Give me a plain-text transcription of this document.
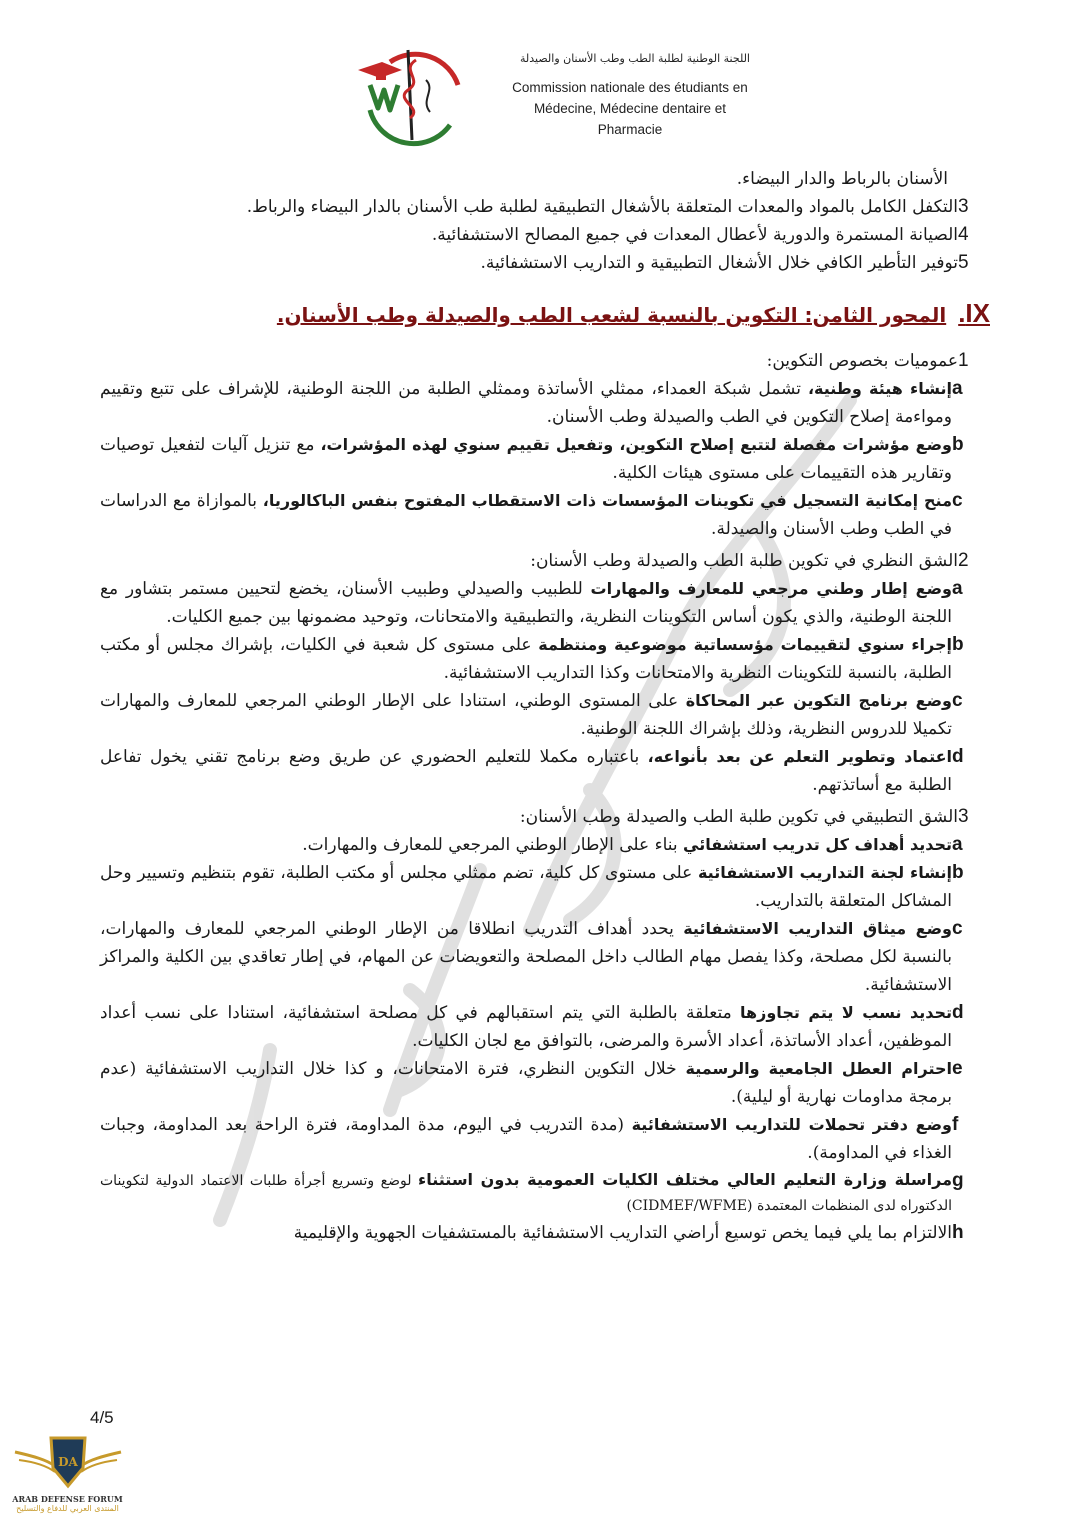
اللجنة الوطنية لطلبة الطب وطب الأسنان والصيدلة
Commission nationale des étudiants en
Médecine, Médecine dentaire et
Pharmacie
الأسنان بالرباط والدار البيضاء.
3
التكفل الكامل بالمواد والمعدات المتعلقة بالأشغال التطبيقية لطلبة طب الأسنان بالدار البيضاء والرباط.
4
الصيانة المستمرة والدورية لأعطال المعدات في جميع المصالح الاستشفائية.
5
توفير التأطير الكافي خلال الأشغال التطبيقية و التداريب الاستشفائية.
IX.
المحور الثامن: التكوين بالنسبة لشعب الطب والصيدلة وطب الأسنان.
1
عموميات بخصوص التكوين:
a
إنشاء هيئة وطنية، تشمل شبكة العمداء، ممثلي الأساتذة وممثلي الطلبة من اللجنة الوطنية، للإشراف على تتبع وتقييم ومواءمة إصلاح التكوين في الطب والصيدلة وطب الأسنان.
b
وضع مؤشرات مفصلة لتتبع إصلاح التكوين، وتفعيل تقييم سنوي لهذه المؤشرات، مع تنزيل آليات لتفعيل توصيات وتقارير هذه التقييمات على مستوى هيئات الكلية.
c
منح إمكانية التسجيل في تكوينات المؤسسات ذات الاستقطاب المفتوح بنفس الباكالوريا، بالموازاة مع الدراسات في الطب وطب الأسنان والصيدلة.
2
الشق النظري في تكوين طلبة الطب والصيدلة وطب الأسنان:
a
وضع إطار وطني مرجعي للمعارف والمهارات للطبيب والصيدلي وطبيب الأسنان، يخضع لتحيين مستمر بتشاور مع اللجنة الوطنية، والذي يكون أساس التكوينات النظرية، والتطبيقية والامتحانات، وتوحيد مضمونها بين جميع الكليات.
b
إجراء سنوي لتقييمات مؤسساتية موضوعية ومنتظمة على مستوى كل شعبة في الكليات، بإشراك مجلس أو مكتب الطلبة، بالنسبة للتكوينات النظرية والامتحانات وكذا التداريب الاستشفائية.
c
وضع برنامج التكوين عبر المحاكاة على المستوى الوطني، استنادا على الإطار الوطني المرجعي للمعارف والمهارات تكميلا للدروس النظرية، وذلك بإشراك اللجنة الوطنية.
d
اعتماد وتطوير التعلم عن بعد بأنواعه، باعتباره مكملا للتعليم الحضوري عن طريق وضع برنامج تقني يخول تفاعل الطلبة مع أساتذتهم.
3
الشق التطبيقي في تكوين طلبة الطب والصيدلة وطب الأسنان:
a
تحديد أهداف كل تدريب استشفائي بناء على الإطار الوطني المرجعي للمعارف والمهارات.
b
إنشاء لجنة التداريب الاستشفائية على مستوى كل كلية، تضم ممثلي مجلس أو مكتب الطلبة، تقوم بتنظيم وتسيير وحل المشاكل المتعلقة بالتداريب.
c
وضع ميثاق التداريب الاستشفائية يحدد أهداف التدريب انطلاقا من الإطار الوطني المرجعي للمعارف والمهارات، بالنسبة لكل مصلحة، وكذا يفصل مهام الطالب داخل المصلحة والتعويضات عن المهام، في إطار تعاقدي بين الكلية والمراكز الاستشفائية.
d
تحديد نسب لا يتم تجاوزها متعلقة بالطلبة التي يتم استقبالهم في كل مصلحة استشفائية، استنادا على نسب أعداد الموظفين، أعداد الأساتذة، أعداد الأسرة والمرضى، بالتوافق مع لجان الكليات.
e
احترام العطل الجامعية والرسمية خلال التكوين النظري، فترة الامتحانات، و كذا خلال التداريب الاستشفائية (عدم برمجة مداومات نهارية أو ليلية).
f
وضع دفتر تحملات للتداريب الاستشفائية (مدة التدريب في اليوم، مدة المداومة، فترة الراحة بعد المداومة، وجبات الغذاء في المداومة).
g
مراسلة وزارة التعليم العالي مختلف الكليات العمومية بدون استثناء لوضع وتسريع أجرأة طلبات الاعتماد الدولية لتكوينات الدكتوراه لدى المنظمات المعتمدة (CIDMEF/WFME)
h
الالتزام بما يلي فيما يخص توسيع أراضي التداريب الاستشفائية بالمستشفيات الجهوية والإقليمية
4/5
DA
ARAB DEFENSE FORUM
المنتدى العربي للدفاع والتسليح
